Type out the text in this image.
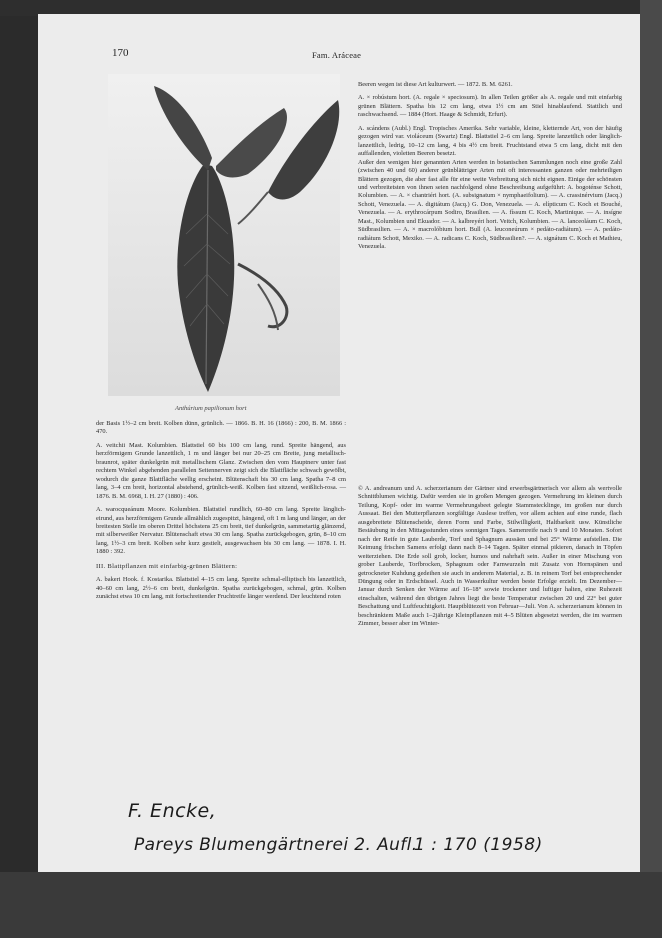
170	Fam. Aráceae
Anthúrium papilionum hort

der Basis 1½–2 cm breit. Kolben dünn, grünlich. — 1866. B. H. 16 (1866) : 200, B. M. 1866 : 470.

A. veitchii Mast. Kolumbien. Blattstiel 60 bis 100 cm lang, rund. Spreite hängend, aus herzförmigem Grunde lanzettlich, 1 m und länger bei nur 20–25 cm Breite, jung metallisch-braunrot, später dunkelgrün mit metallischem Glanz. Zwischen den vom Hauptnerv unter fast rechtem Winkel abgehenden parallelen Seitennerven zeigt sich die Blattfläche schwach gewölbt, wodurch die ganze Blattfläche wellig erscheint. Blütenschaft bis 30 cm lang. Spatha 7–8 cm lang, 3–4 cm breit, horizontal abstehend, grünlich-weiß. Kolben fast sitzend, weißlich-rosa. — 1876. B. M. 6968, I. H. 27 (1880) : 406.

A. warocqueánum Moore. Kolumbien. Blattstiel rundlich, 60–80 cm lang. Spreite länglich-eirund, aus herzförmigem Grunde allmählich zugespitzt, hängend, oft 1 m lang und länger, an der breitesten Stelle im oberen Drittel höchstens 25 cm breit, tief dunkelgrün, sammetartig glänzend, mit silberweißer Nervatur. Blütenschaft etwa 30 cm lang. Spatha zurückgebogen, grün, 8–10 cm lang, 1½–3 cm breit. Kolben sehr kurz gestielt, ausgewachsen bis 30 cm lang. — 1878. I. H. 1880 : 392.

III. Blattpflanzen mit einfarbig-grünen Blättern:

A. bakeri Hook. f. Kostarika. Blattstiel 4–15 cm lang. Spreite schmal-elliptisch bis lanzettlich, 40–60 cm lang, 2½–6 cm breit, dunkelgrün. Spatha zurückgebogen, schmal, grün. Kolben zunächst etwa 10 cm lang, mit fortschreitender Fruchtreife länger werdend. Der leuchtend roten

Beeren wegen ist diese Art kulturwert. — 1872. B. M. 6261.

A. × robústum hort. (A. regale × speciosum). In allen Teilen größer als A. regale und mit einfarbig grünen Blättern. Spatha bis 12 cm lang, etwa 1½ cm am Stiel hinablaufend. Stattlich und raschwachsend. — 1884 (Hort. Haage & Schmidt, Erfurt).

A. scándens (Aubl.) Engl. Tropisches Amerika. Sehr variable, kleine, kletternde Art, von der häufig gezogen wird var. violáceum (Swartz) Engl. Blattstiel 2–6 cm lang. Spreite lanzettlich oder länglich-lanzettlich, ledrig, 10–12 cm lang, 4 bis 4½ cm breit. Fruchtstand etwa 5 cm lang, dicht mit den auffallenden, violetten Beeren besetzt.

Außer den wenigen hier genannten Arten werden in botanischen Sammlungen noch eine große Zahl (zwischen 40 und 60) anderer grünblättriger Arten mit oft interessanten ganzen oder mehrteiligen Blättern gezogen, die aber fast alle für eine weite Verbreitung sich nicht eignen. Einige der schönsten und verbreitetsten von ihnen seien nachfolgend ohne Beschreibung aufgeführt: A. bogoténse Schott, Kolumbien. — A. × chantriéri hort. (A. subsignatum × nymphaeifolium). — A. crassinérvium (Jacq.) Schott, Venezuela. — A. digitátum (Jacq.) G. Don, Venezuela. — A. elípticum C. Koch et Bouché, Venezuela. — A. erythrocárpum Sodiro, Brasilien. — A. físsum C. Koch, Martinique. — A. insígne Mast., Kolumbien und Ekuador. — A. kalbreyéri hort. Veitch, Kolumbien. — A. lanceoláum C. Koch, Südbrasilien. — A. × macrolóbium hort. Bull (A. leuconeúrum × pedáto-radiátum). — A. pedáto-radiátum Schott, Mexiko. — A. radicans C. Koch, Südbrasilien?. — A. signátum C. Koch et Mathieu, Venezuela.

© A. andreanum und A. scherzerianum der Gärtner sind erwerbsgärtnerisch vor allem als wertvolle Schnittblumen wichtig. Dafür werden sie in großen Mengen gezogen. Vermehrung im kleinen durch Teilung, Kopf- oder im warme Vermehrungsbeet gelegte Stammstecklinge, im großen nur durch Aussaat. Bei den Mutterpflanzen sorgfältige Auslese treffen, vor allem achten auf eine runde, flach ausgebreitete Blütenscheide, deren Form und Farbe, Stilwilligkeit, Haltbarkeit usw. Künstliche Bestäubung in den Mittagsstunden eines sonnigen Tages. Samenreife nach 9 und 10 Monaten. Sofort nach der Reife in gute Lauberde, Torf und Sphagnum aussäen und bei 25° Wärme aufstellen. Die Keimung frischen Samens erfolgt dann nach 8–14 Tagen. Später einmal pikieren, danach in Töpfen weiterziehen. Die Erde soll grob, locker, humos und nahrhaft sein. Außer in einer Mischung von grober Lauberde, Torfbrocken, Sphagnum oder Farnwurzeln mit Zusatz von Hornspänen und getrockneter Kuhdung gedeihen sie auch in anderem Material, z. B. in reinem Torf bei entsprechender Düngung oder in Erdschüssel. Auch in Wasserkultur werden beste Erfolge erzielt. Im Dezember—Januar durch Senken der Wärme auf 16–18° sowie trockener und luftiger halten, eine Ruhezeit einschalten, während den übrigen Jahres liegt die beste Temperatur zwischen 20 und 22° bei guter Beschattung und Luftfeuchtigkeit. Hauptblütezeit von Februar—Juli. Von A. scherzerianum können in beschränktem Maße auch 1–2jährige Kleinpflanzen mit 4–5 Blüten abgesetzt werden, die im warmen Zimmer, besser aber im Winter-

F. Encke,
Pareys Blumengärtnerei 2. Aufl.
1 : 170 (1958)
